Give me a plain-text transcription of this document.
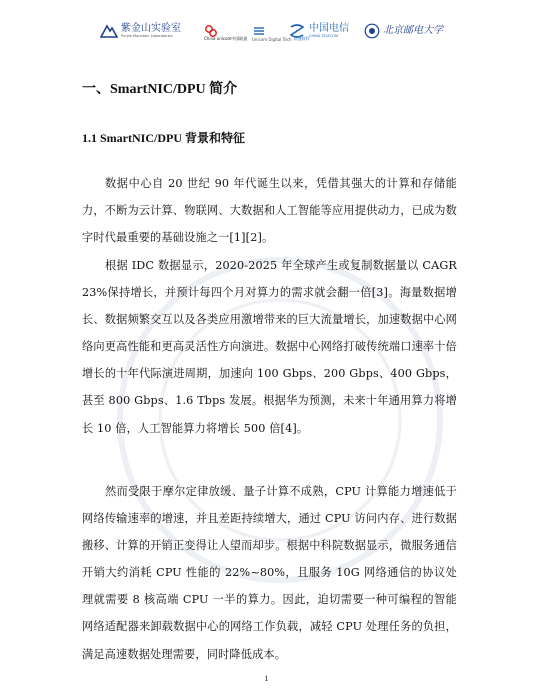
紫金山实验室
Purple Mountain Laboratories	China unicom中国联通 Unicom Digital Tech 联通数科
中国电信
CHINA TELECOM	北京邮电大学
一、SmartNIC/DPU 简介
1.1 SmartNIC/DPU 背景和特征

数据中心自 20 世纪 90 年代诞生以来，凭借其强大的计算和存储能力，不断为云计算、物联网、大数据和人工智能等应用提供动力，已成为数字时代最重要的基础设施之一[1][2]。

根据 IDC 数据显示，2020-2025 年全球产生或复制数据量以 CAGR 23%保持增长，并预计每四个月对算力的需求就会翻一倍[3]。海量数据增长、数据频繁交互以及各类应用激增带来的巨大流量增长，加速数据中心网络向更高性能和更高灵活性方向演进。数据中心网络打破传统端口速率十倍增长的十年代际演进周期，加速向 100 Gbps、200 Gbps、400 Gbps，甚至 800 Gbps、1.6 Tbps 发展。根据华为预测，未来十年通用算力将增长 10 倍，人工智能算力将增长 500 倍[4]。

然而受限于摩尔定律放缓、量子计算不成熟，CPU 计算能力增速低于网络传输速率的增速，并且差距持续增大，通过 CPU 访问内存、进行数据搬移、计算的开销正变得让人望而却步。根据中科院数据显示，微服务通信开销大约消耗 CPU 性能的 22%~80%，且服务 10G 网络通信的协议处理就需要 8 核高端 CPU 一半的算力。因此，迫切需要一种可编程的智能网络适配器来卸载数据中心的网络工作负载，减轻 CPU 处理任务的负担，满足高速数据处理需要，同时降低成本。

1
